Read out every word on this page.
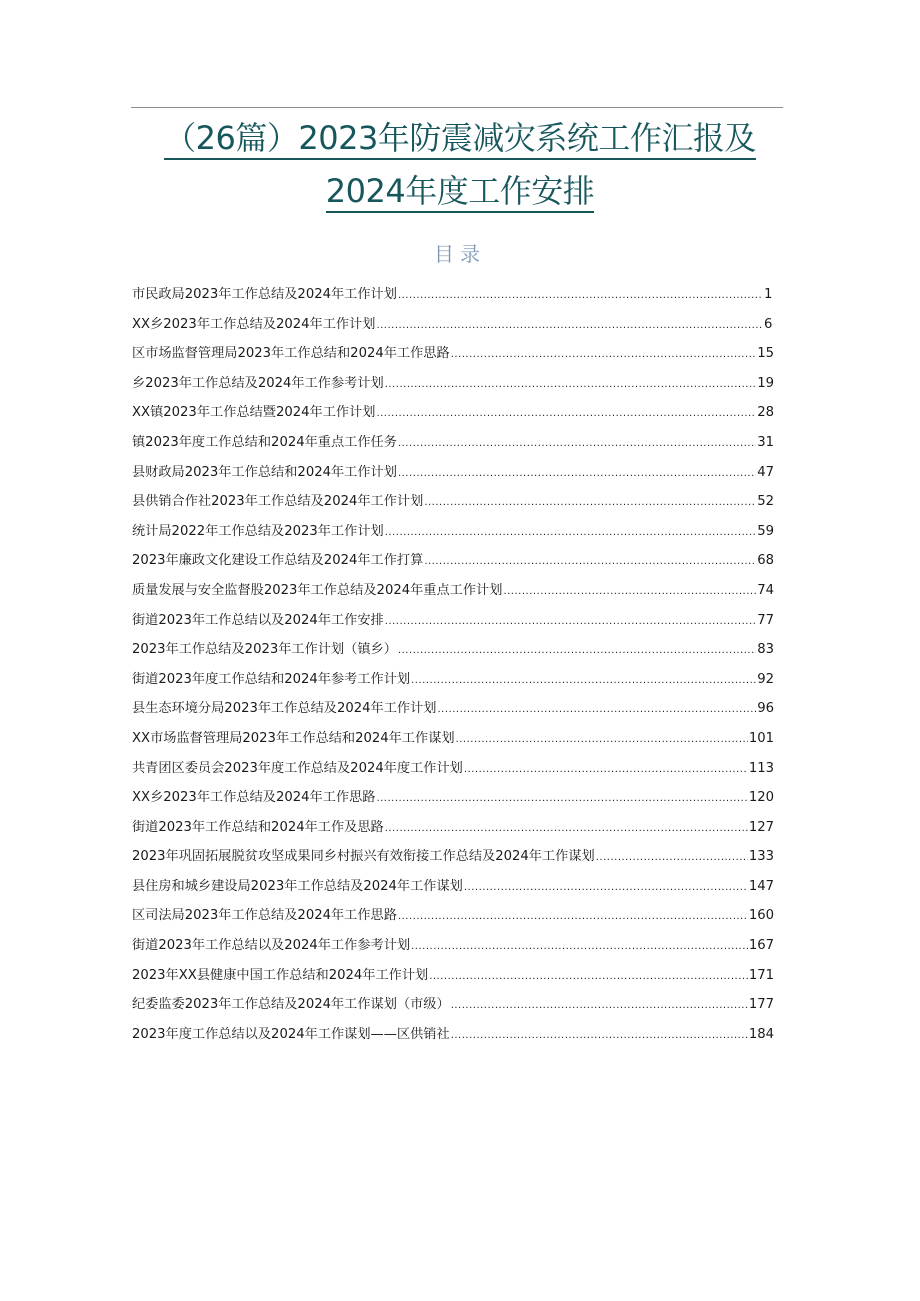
（26篇）2023年防震减灾系统工作汇报及
2024年度工作安排
目录
市民政局2023年工作总结及2024年工作计划 .....	1
XX乡2023年工作总结及2024年工作计划 .....	6
区市场监督管理局2023年工作总结和2024年工作思路 .....	15
乡2023年工作总结及2024年工作参考计划 .....	19
XX镇2023年工作总结暨2024年工作计划 .....	28
镇2023年度工作总结和2024年重点工作任务 .....	31
县财政局2023年工作总结和2024年工作计划 .....	47
县供销合作社2023年工作总结及2024年工作计划 .....	52
统计局2022年工作总结及2023年工作计划 .....	59
2023年廉政文化建设工作总结及2024年工作打算 .....	68
质量发展与安全监督股2023年工作总结及2024年重点工作计划 .....	74
街道2023年工作总结以及2024年工作安排 .....	77
2023年工作总结及2023年工作计划（镇乡） .....	83
街道2023年度工作总结和2024年参考工作计划 .....	92
县生态环境分局2023年工作总结及2024年工作计划 .....	96
XX市场监督管理局2023年工作总结和2024年工作谋划 .....	101
共青团区委员会2023年度工作总结及2024年度工作计划 .....	113
XX乡2023年工作总结及2024年工作思路 .....	120
街道2023年工作总结和2024年工作及思路 .....	127
2023年巩固拓展脱贫攻坚成果同乡村振兴有效衔接工作总结及2024年工作谋划 .....	133
县住房和城乡建设局2023年工作总结及2024年工作谋划 .....	147
区司法局2023年工作总结及2024年工作思路 .....	160
街道2023年工作总结以及2024年工作参考计划 .....	167
2023年XX县健康中国工作总结和2024年工作计划 .....	171
纪委监委2023年工作总结及2024年工作谋划（市级） .....	177
2023年度工作总结以及2024年工作谋划——区供销社 .....	184
